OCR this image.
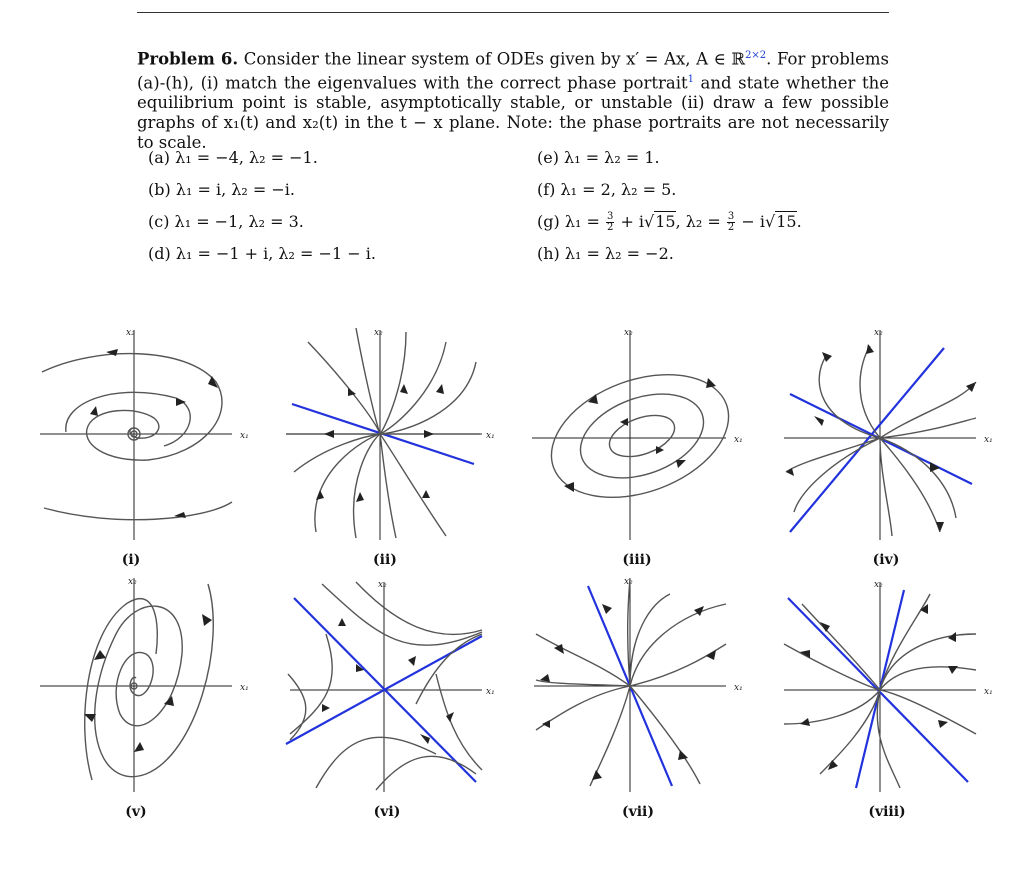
Problem 6. Consider the linear system of ODEs given by x′ = Ax, A ∈ ℝ$^{2\times 2}$. For problems (a)-(h), (i) match the eigenvalues with the correct phase portrait$^1$ and state whether the equilibrium point is stable, asymptotically stable, or unstable (ii) draw a few possible graphs of x₁(t) and x₂(t) in the t − x plane. Note: the phase portraits are not necessarily to scale.
(a) λ₁ = −4, λ₂ = −1.
(b) λ₁ = i, λ₂ = −i.
(c) λ₁ = −1, λ₂ = 3.
(d) λ₁ = −1 + i, λ₂ = −1 − i.
(e) λ₁ = λ₂ = 1.
(f) λ₁ = 2, λ₂ = 5.
(g) $\lambda_1 = \frac{3}{2} + i√15$, $\lambda_2 = \frac{3}{2} - i√15$.
(h) λ₁ = λ₂ = −2.
x₂
x₁
x₂
x₁
x₂
x₁
x₂
x₁
x₂
x₁
x₂
x₁
x₂
x₁
x₂
x₁
(i)	(ii)	(iii)	(iv)
(v)	(vi)	(vii)	(viii)
